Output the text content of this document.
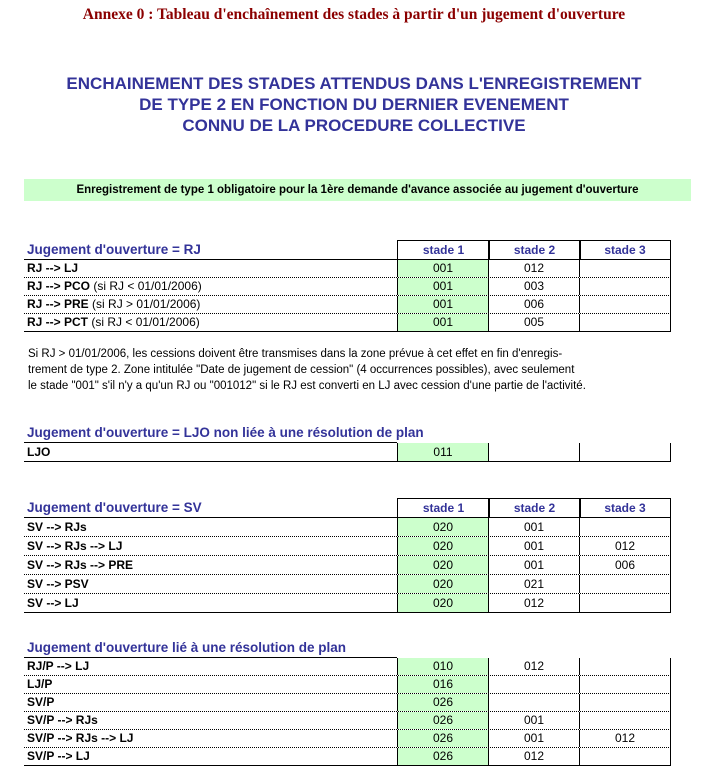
Annexe 0 : Tableau d'enchaînement des stades à partir d'un jugement d'ouverture
ENCHAINEMENT DES STADES ATTENDUS DANS L'ENREGISTREMENT
DE TYPE 2 EN FONCTION DU DERNIER EVENEMENT
CONNU DE LA PROCEDURE COLLECTIVE
Enregistrement de type 1 obligatoire pour la 1ère demande d'avance associée au jugement d'ouverture
Jugement d'ouverture = RJ	stade 1	stade 2	stade 3
RJ --> LJ	001	012
RJ --> PCO (si RJ < 01/01/2006)	001	003
RJ --> PRE (si RJ > 01/01/2006)	001	006
RJ --> PCT (si RJ < 01/01/2006)	001	005
Si RJ > 01/01/2006, les cessions doivent être transmises dans la zone prévue à cet effet en fin d'enregis-
trement de type 2. Zone intitulée "Date de jugement de cession" (4 occurrences possibles), avec seulement
le stade "001" s'il n'y a qu'un RJ ou "001012" si le RJ est converti en LJ avec cession d'une partie de l'activité.
Jugement d'ouverture = LJO non liée à une résolution de plan
LJO	011
Jugement d'ouverture = SV	stade 1	stade 2	stade 3
SV --> RJs	020	001
SV --> RJs --> LJ	020	001	012
SV --> RJs --> PRE	020	001	006
SV --> PSV	020	021
SV --> LJ	020	012
Jugement d'ouverture lié à une résolution de plan
RJ/P --> LJ	010	012
LJ/P	016
SV/P	026
SV/P --> RJs	026	001
SV/P --> RJs --> LJ	026	001	012
SV/P --> LJ	026	012
